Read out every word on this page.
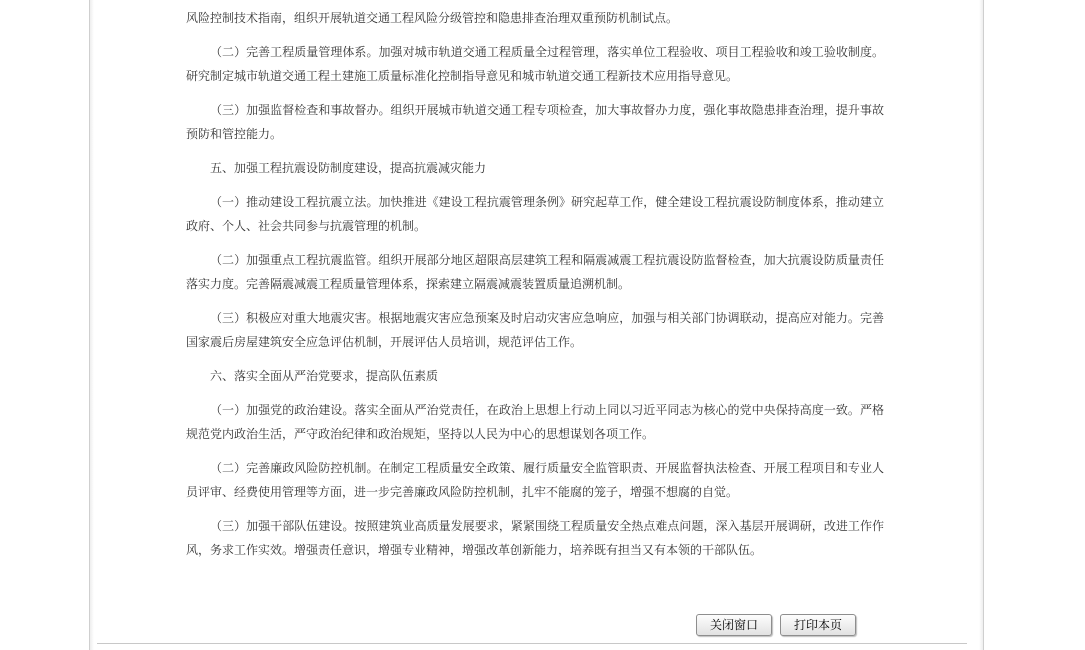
风险控制技术指南，组织开展轨道交通工程风险分级管控和隐患排查治理双重预防机制试点。

（二）完善工程质量管理体系。加强对城市轨道交通工程质量全过程管理，落实单位工程验收、项目工程验收和竣工验收制度。研究制定城市轨道交通工程土建施工质量标准化控制指导意见和城市轨道交通工程新技术应用指导意见。

（三）加强监督检查和事故督办。组织开展城市轨道交通工程专项检查，加大事故督办力度，强化事故隐患排查治理，提升事故预防和管控能力。

五、加强工程抗震设防制度建设，提高抗震减灾能力

（一）推动建设工程抗震立法。加快推进《建设工程抗震管理条例》研究起草工作，健全建设工程抗震设防制度体系，推动建立政府、个人、社会共同参与抗震管理的机制。

（二）加强重点工程抗震监管。组织开展部分地区超限高层建筑工程和隔震减震工程抗震设防监督检查，加大抗震设防质量责任落实力度。完善隔震减震工程质量管理体系，探索建立隔震减震装置质量追溯机制。

（三）积极应对重大地震灾害。根据地震灾害应急预案及时启动灾害应急响应，加强与相关部门协调联动，提高应对能力。完善国家震后房屋建筑安全应急评估机制，开展评估人员培训，规范评估工作。

六、落实全面从严治党要求，提高队伍素质

（一）加强党的政治建设。落实全面从严治党责任，在政治上思想上行动上同以习近平同志为核心的党中央保持高度一致。严格规范党内政治生活，严守政治纪律和政治规矩，坚持以人民为中心的思想谋划各项工作。

（二）完善廉政风险防控机制。在制定工程质量安全政策、履行质量安全监管职责、开展监督执法检查、开展工程项目和专业人员评审、经费使用管理等方面，进一步完善廉政风险防控机制，扎牢不能腐的笼子，增强不想腐的自觉。

（三）加强干部队伍建设。按照建筑业高质量发展要求，紧紧围绕工程质量安全热点难点问题，深入基层开展调研，改进工作作风，务求工作实效。增强责任意识，增强专业精神，增强改革创新能力，培养既有担当又有本领的干部队伍。

关闭窗口	打印本页
